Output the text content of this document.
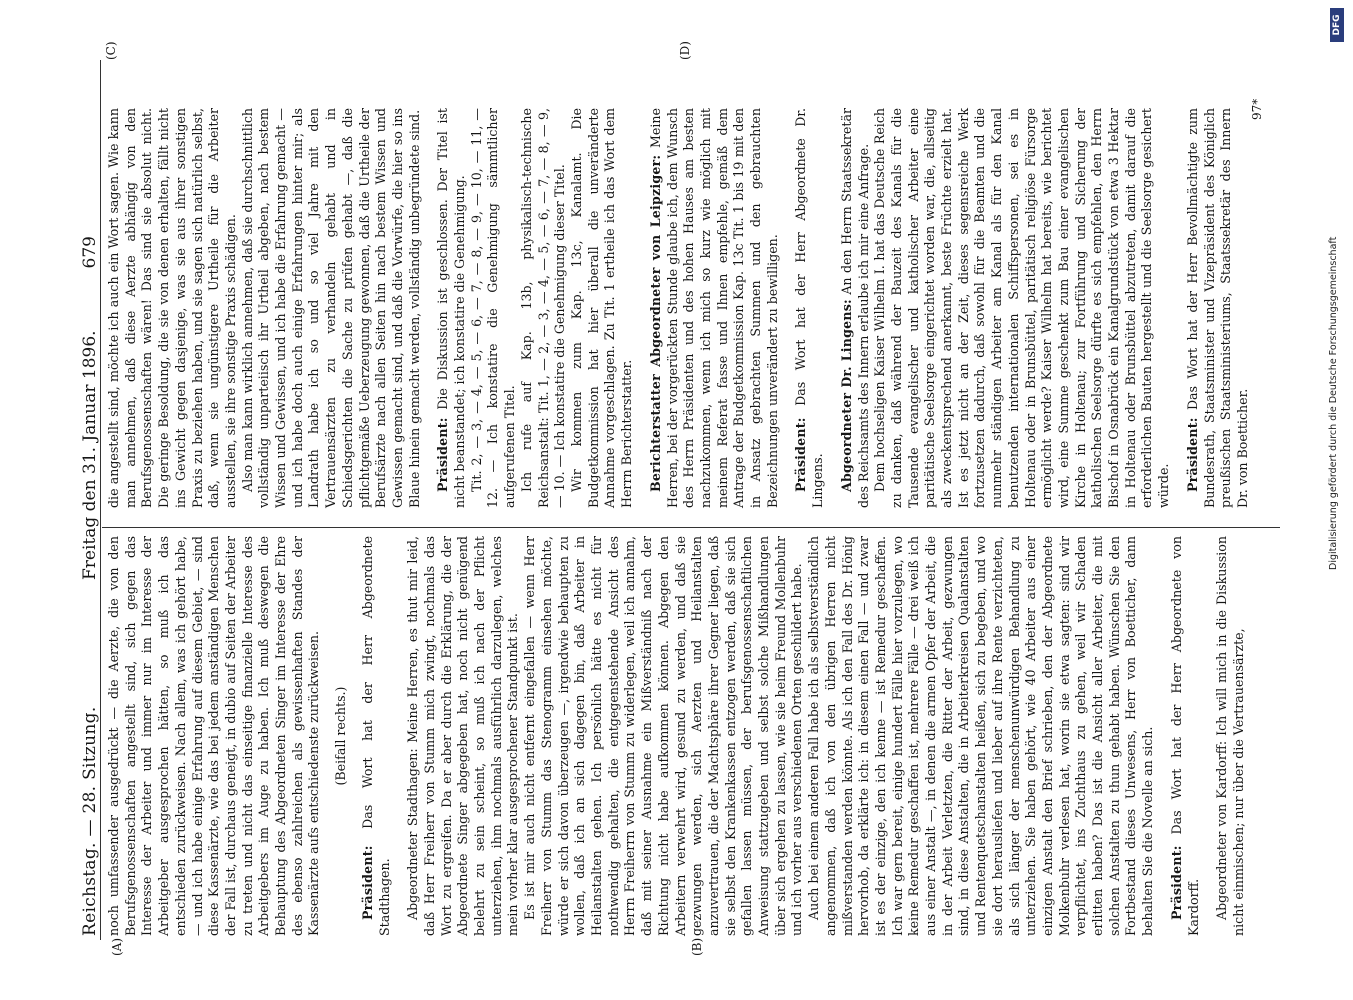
Reichstag. — 28. Sitzung.
Freitag den 31. Januar 1896.
679
(A)	(B)
(C)	(D)

noch umfassender ausgedrückt — die Aerzte, die von den Berufsgenossenschaften angestellt sind, sich gegen das Interesse der Arbeiter und immer nur im Interesse der Arbeitgeber ausgesprochen hätten, so muß ich das entschieden zurückweisen. Nach allem, was ich gehört habe, — und ich habe einige Erfahrung auf diesem Gebiet, — sind diese Kassenärzte, wie das bei jedem anständigen Menschen der Fall ist, durchaus geneigt, in dubio auf Seiten der Arbeiter zu treten und nicht das einseitige finanzielle Interesse des Arbeitgebers im Auge zu haben. Ich muß deswegen die Behauptung des Abgeordneten Singer im Interesse der Ehre des ebenso zahlreichen als gewissenhaften Standes der Kassenärzte aufs entschiedenste zurückweisen. (Beifall rechts.)

Präsident: Das Wort hat der Herr Abgeordnete Stadthagen. Abgeordneter Stadthagen: Meine Herren, es thut mir leid, daß Herr Freiherr von Stumm mich zwingt, nochmals das Wort zu ergreifen. Da er aber durch die Erklärung, die der Abgeordnete Singer abgegeben hat, noch nicht genügend belehrt zu sein scheint, so muß ich nach der Pflicht unterziehen, ihm nochmals ausführlich darzulegen, welches mein vorher klar ausgesprochener Standpunkt ist. Es ist mir auch nicht entfernt eingefallen — wenn Herr Freiherr von Stumm das Stenogramm einsehen möchte, würde er sich davon überzeugen —, irgendwie behaupten zu wollen, daß ich an sich dagegen bin, daß Arbeiter in Heilanstalten gehen. Ich persönlich hätte es nicht für nothwendig gehalten, die entgegenstehende Ansicht des Herrn Freiherrn von Stumm zu widerlegen, weil ich annahm, daß mit seiner Ausnahme ein Mißverständniß nach der Richtung nicht habe aufkommen können. Abgegen den Arbeitern verwehrt wird, gesund zu werden, und daß sie gezwungen werden, sich Aerzten und Heilanstalten anzuvertrauen, die der Machtsphäre ihrer Gegner liegen, daß sie selbst den Krankenkassen entzogen werden, daß sie sich gefallen lassen müssen, der berufsgenossenschaftlichen Anweisung stattzugeben und selbst solche Mißhandlungen über sich ergehen zu lassen, wie sie heim Freund Mollenbuhr und ich vorher aus verschiedenen Orten geschildert habe. Auch bei einem anderen Fall habe ich als selbstverständlich angenommen, daß ich von den übrigen Herren nicht mißverstanden werden könnte. Als ich den Fall des Dr. Hönig hervorhob, da erklärte ich: in diesem einen Fall — und zwar ist es der einzige, den ich kenne — ist Remedur geschaffen. Ich war gern bereit, einige hundert Fälle hier vorzulegen, wo keine Remedur geschaffen ist, mehrere Fälle — drei weiß ich aus einer Anstalt —, in denen die armen Opfer der Arbeit, die in der Arbeit Verletzten, die Ritter der Arbeit, gezwungen sind, in diese Anstalten, die in Arbeiterkreisen Qualanstalten und Rentenquetschanstalten heißen, sich zu begeben, und wo sie dort herausliefen und lieber auf ihre Rente verzichteten, als sich länger der menschenunwürdigen Behandlung zu unterziehen. Sie haben gehört, wie 40 Arbeiter aus einer einzigen Anstalt den Brief schrieben, den der Abgeordnete Molkenbuhr verlesen hat, worin sie etwa sagten: sind wir verpflichtet, ins Zuchthaus zu gehen, weil wir Schaden erlitten haben? Das ist die Ansicht aller Arbeiter, die mit solchen Anstalten zu thun gehabt haben. Wünschen Sie den Fortbestand dieses Unwesens, Herr von Boetticher, dann behalten Sie die Novelle an sich. Präsident: Das Wort hat der Herr Abgeordnete von Kardorff. Abgeordneter von Kardorff: Ich will mich in die Diskussion nicht einmischen; nur über die Vertrauensärzte,

die angestellt sind, möchte ich auch ein Wort sagen. Wie kann man annehmen, daß diese Aerzte abhängig von den Berufsgenossenschaften wären! Das sind sie absolut nicht. Die geringe Besoldung, die sie von denen erhalten, fällt nicht ins Gewicht gegen dasjenige, was sie aus ihrer sonstigen Praxis zu beziehen haben, und sie sagen sich natürlich selbst, daß, wenn sie ungünstigere Urtheile für die Arbeiter ausstellen, sie ihre sonstige Praxis schädigen. Also man kann wirklich annehmen, daß sie durchschnittlich vollständig unparteiisch ihr Urtheil abgeben, nach bestem Wissen und Gewissen, und ich habe die Erfahrung gemacht — und ich habe doch auch einige Erfahrungen hinter mir; als Landrath habe ich so und so viel Jahre mit den Vertrauensärzten zu verhandeln gehabt und in Schiedsgerichten die Sache zu prüfen gehabt —, daß die pflichtgemäße Ueberzeugung gewonnen, daß die Urtheile der Berufsärzte nach allen Seiten hin nach bestem Wissen und Gewissen gemacht sind, und daß die Vorwürfe, die hier so ins Blaue hinein gemacht werden, vollständig unbegründete sind. Präsident: Die Diskussion ist geschlossen. Der Titel ist nicht beanstandet; ich konstatire die Genehmigung. Tit. 2, — 3, — 4, — 5, — 6, — 7, — 8, — 9, — 10, — 11, — 12. — Ich konstatire die Genehmigung sämmtlicher aufgerufenen Titel. Ich rufe auf Kap. 13b, physikalisch-technische Reichsanstalt: Tit. 1, — 2, — 3, — 4, — 5, — 6, — 7, — 8, — 9, — 10. — Ich konstatire die Genehmigung dieser Titel. Wir kommen zum Kap. 13c, Kanalamt. Die Budgetkommission hat hier überall die unveränderte Annahme vorgeschlagen. Zu Tit. 1 ertheile ich das Wort dem Herrn Berichterstatter. Berichterstatter Abgeordneter von Leipziger: Meine Herren, bei der vorgerückten Stunde glaube ich, dem Wunsch des Herrn Präsidenten und des hohen Hauses am besten nachzukommen, wenn ich mich so kurz wie möglich mit meinem Referat fasse und Ihnen empfehle, gemäß dem Antrage der Budgetkommission Kap. 13c Tit. 1 bis 19 mit den in Ansatz gebrachten Summen und den gebrauchten Bezeichnungen unverändert zu bewilligen. Präsident: Das Wort hat der Herr Abgeordnete Dr. Lingens. Abgeordneter Dr. Lingens: An den Herrn Staatssekretär des Reichsamts des Innern erlaube ich mir eine Anfrage. Dem hochseligen Kaiser Wilhelm I. hat das Deutsche Reich zu danken, daß während der Bauzeit des Kanals für die Tausende evangelischer und katholischer Arbeiter eine paritätische Seelsorge eingerichtet worden war, die, allseitig als zweckentsprechend anerkannt, beste Früchte erzielt hat. Ist es jetzt nicht an der Zeit, dieses segensreiche Werk fortzusetzen dadurch, daß sowohl für die Beamten und die nunmehr ständigen Arbeiter am Kanal als für den Kanal benutzenden internationalen Schiffspersonen, sei es in Holtenau oder in Brunsbüttel, paritätisch religiöse Fürsorge ermöglicht werde? Kaiser Wilhelm hat bereits, wie berichtet wird, eine Summe geschenkt zum Bau einer evangelischen Kirche in Holtenau; zur Fortführung und Sicherung der katholischen Seelsorge dürfte es sich empfehlen, den Herrn Bischof in Osnabrück ein Kanalgrundstück von etwa 3 Hektar in Holtenau oder Brunsbüttel abzutreten, damit darauf die erforderlichen Bauten hergestellt und die Seelsorge gesichert würde. Präsident: Das Wort hat der Herr Bevollmächtigte zum Bundesrath, Staatsminister und Vizepräsident des Königlich preußischen Staatsministeriums, Staatssekretär des Innern Dr. von Boetticher.

97*
Digitalisierung gefördert durch die Deutsche Forschungsgemeinschaft
DFG
